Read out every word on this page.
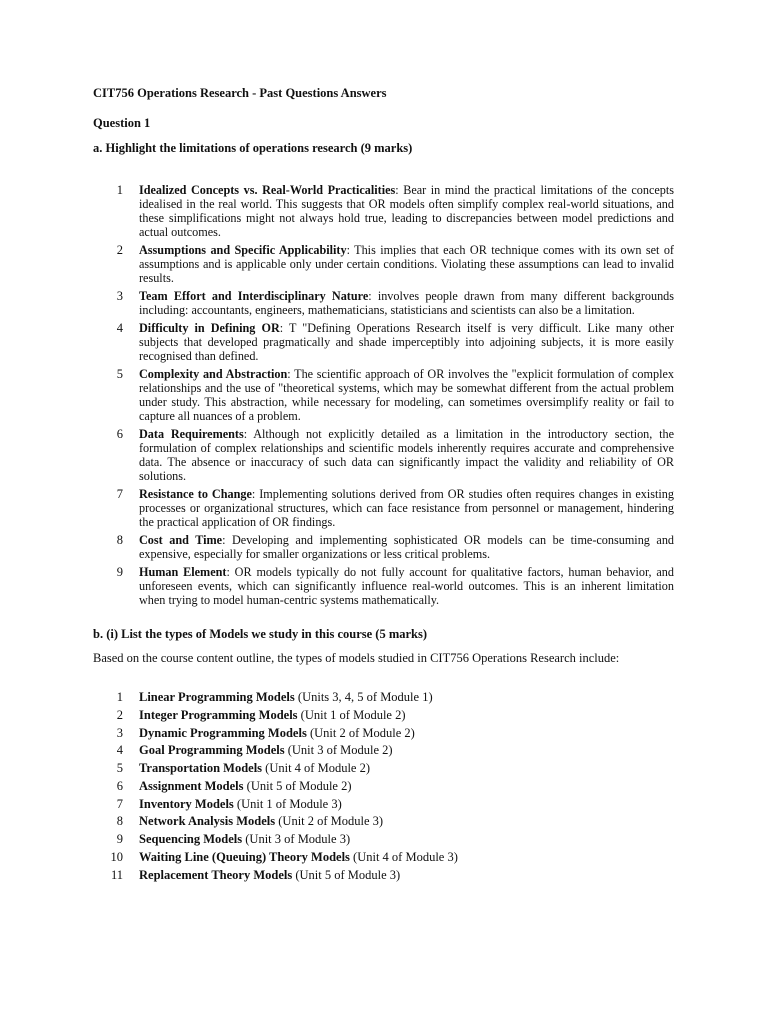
CIT756 Operations Research - Past Questions Answers
Question 1
a. Highlight the limitations of operations research (9 marks)
1 Idealized Concepts vs. Real-World Practicalities: Bear in mind the practical limitations of the concepts idealised in the real world. This suggests that OR models often simplify complex real-world situations, and these simplifications might not always hold true, leading to discrepancies between model predictions and actual outcomes.
2 Assumptions and Specific Applicability: This implies that each OR technique comes with its own set of assumptions and is applicable only under certain conditions. Violating these assumptions can lead to invalid results.
3 Team Effort and Interdisciplinary Nature: involves people drawn from many different backgrounds including: accountants, engineers, mathematicians, statisticians and scientists can also be a limitation.
4 Difficulty in Defining OR: T "Defining Operations Research itself is very difficult. Like many other subjects that developed pragmatically and shade imperceptibly into adjoining subjects, it is more easily recognised than defined.
5 Complexity and Abstraction: The scientific approach of OR involves the "explicit formulation of complex relationships and the use of "theoretical systems, which may be somewhat different from the actual problem under study. This abstraction, while necessary for modeling, can sometimes oversimplify reality or fail to capture all nuances of a problem.
6 Data Requirements: Although not explicitly detailed as a limitation in the introductory section, the formulation of complex relationships and scientific models inherently requires accurate and comprehensive data. The absence or inaccuracy of such data can significantly impact the validity and reliability of OR solutions.
7 Resistance to Change: Implementing solutions derived from OR studies often requires changes in existing processes or organizational structures, which can face resistance from personnel or management, hindering the practical application of OR findings.
8 Cost and Time: Developing and implementing sophisticated OR models can be time-consuming and expensive, especially for smaller organizations or less critical problems.
9 Human Element: OR models typically do not fully account for qualitative factors, human behavior, and unforeseen events, which can significantly influence real-world outcomes. This is an inherent limitation when trying to model human-centric systems mathematically.
b. (i) List the types of Models we study in this course (5 marks)
Based on the course content outline, the types of models studied in CIT756 Operations Research include:
1 Linear Programming Models (Units 3, 4, 5 of Module 1)
2 Integer Programming Models (Unit 1 of Module 2)
3 Dynamic Programming Models (Unit 2 of Module 2)
4 Goal Programming Models (Unit 3 of Module 2)
5 Transportation Models (Unit 4 of Module 2)
6 Assignment Models (Unit 5 of Module 2)
7 Inventory Models (Unit 1 of Module 3)
8 Network Analysis Models (Unit 2 of Module 3)
9 Sequencing Models (Unit 3 of Module 3)
10 Waiting Line (Queuing) Theory Models (Unit 4 of Module 3)
11 Replacement Theory Models (Unit 5 of Module 3)
